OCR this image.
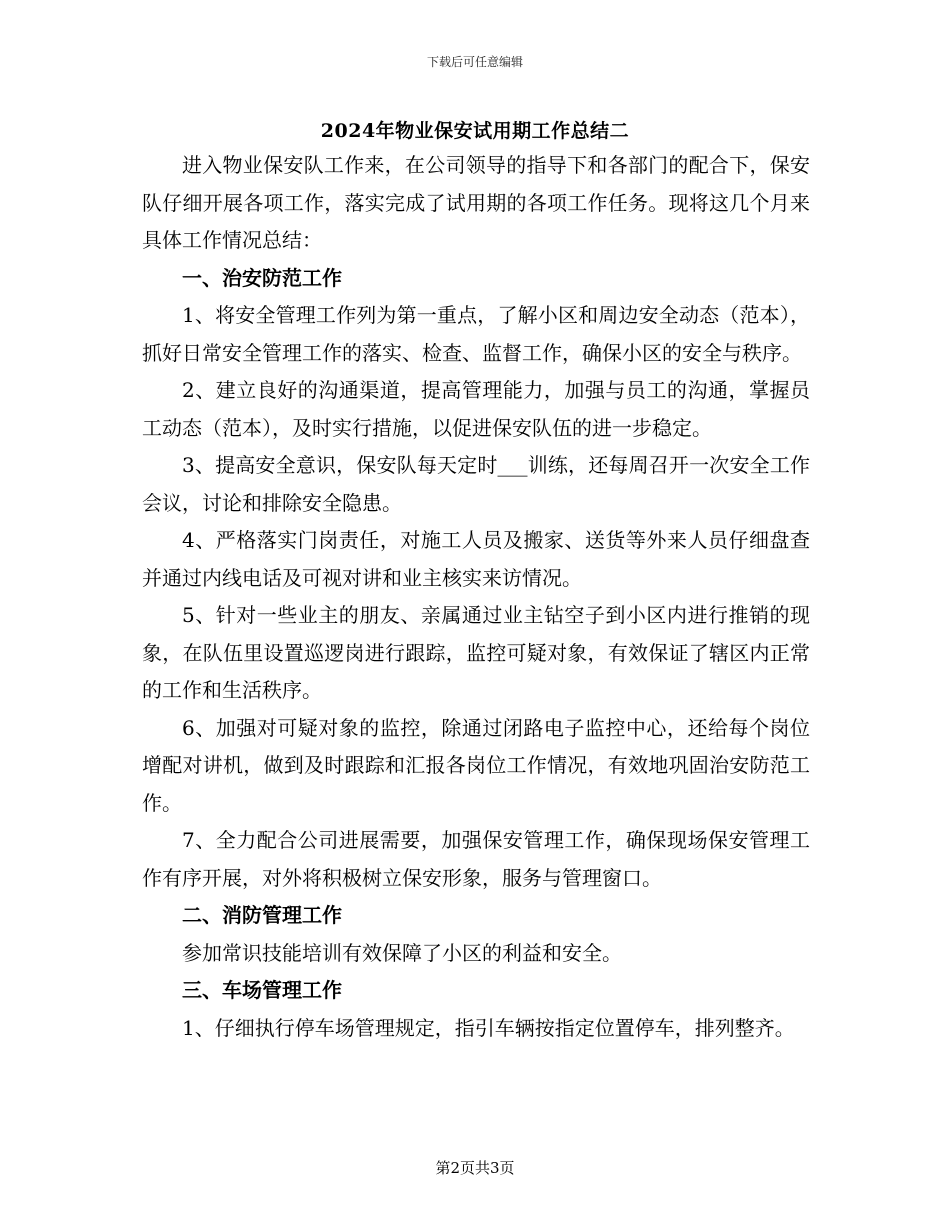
下载后可任意编辑
2024年物业保安试用期工作总结二

进入物业保安队工作来，在公司领导的指导下和各部门的配合下，保安队仔细开展各项工作，落实完成了试用期的各项工作任务。现将这几个月来具体工作情况总结：

一、治安防范工作

1、将安全管理工作列为第一重点，了解小区和周边安全动态（范本），抓好日常安全管理工作的落实、检查、监督工作，确保小区的安全与秩序。

2、建立良好的沟通渠道，提高管理能力，加强与员工的沟通，掌握员工动态（范本），及时实行措施，以促进保安队伍的进一步稳定。

3、提高安全意识，保安队每天定时___训练，还每周召开一次安全工作会议，讨论和排除安全隐患。

4、严格落实门岗责任，对施工人员及搬家、送货等外来人员仔细盘查并通过内线电话及可视对讲和业主核实来访情况。

5、针对一些业主的朋友、亲属通过业主钻空子到小区内进行推销的现象，在队伍里设置巡逻岗进行跟踪，监控可疑对象，有效保证了辖区内正常的工作和生活秩序。

6、加强对可疑对象的监控，除通过闭路电子监控中心，还给每个岗位增配对讲机，做到及时跟踪和汇报各岗位工作情况，有效地巩固治安防范工作。

7、全力配合公司进展需要，加强保安管理工作，确保现场保安管理工作有序开展，对外将积极树立保安形象，服务与管理窗口。

二、消防管理工作

参加常识技能培训有效保障了小区的利益和安全。

三、车场管理工作

1、仔细执行停车场管理规定，指引车辆按指定位置停车，排列整齐。

第2页共3页
